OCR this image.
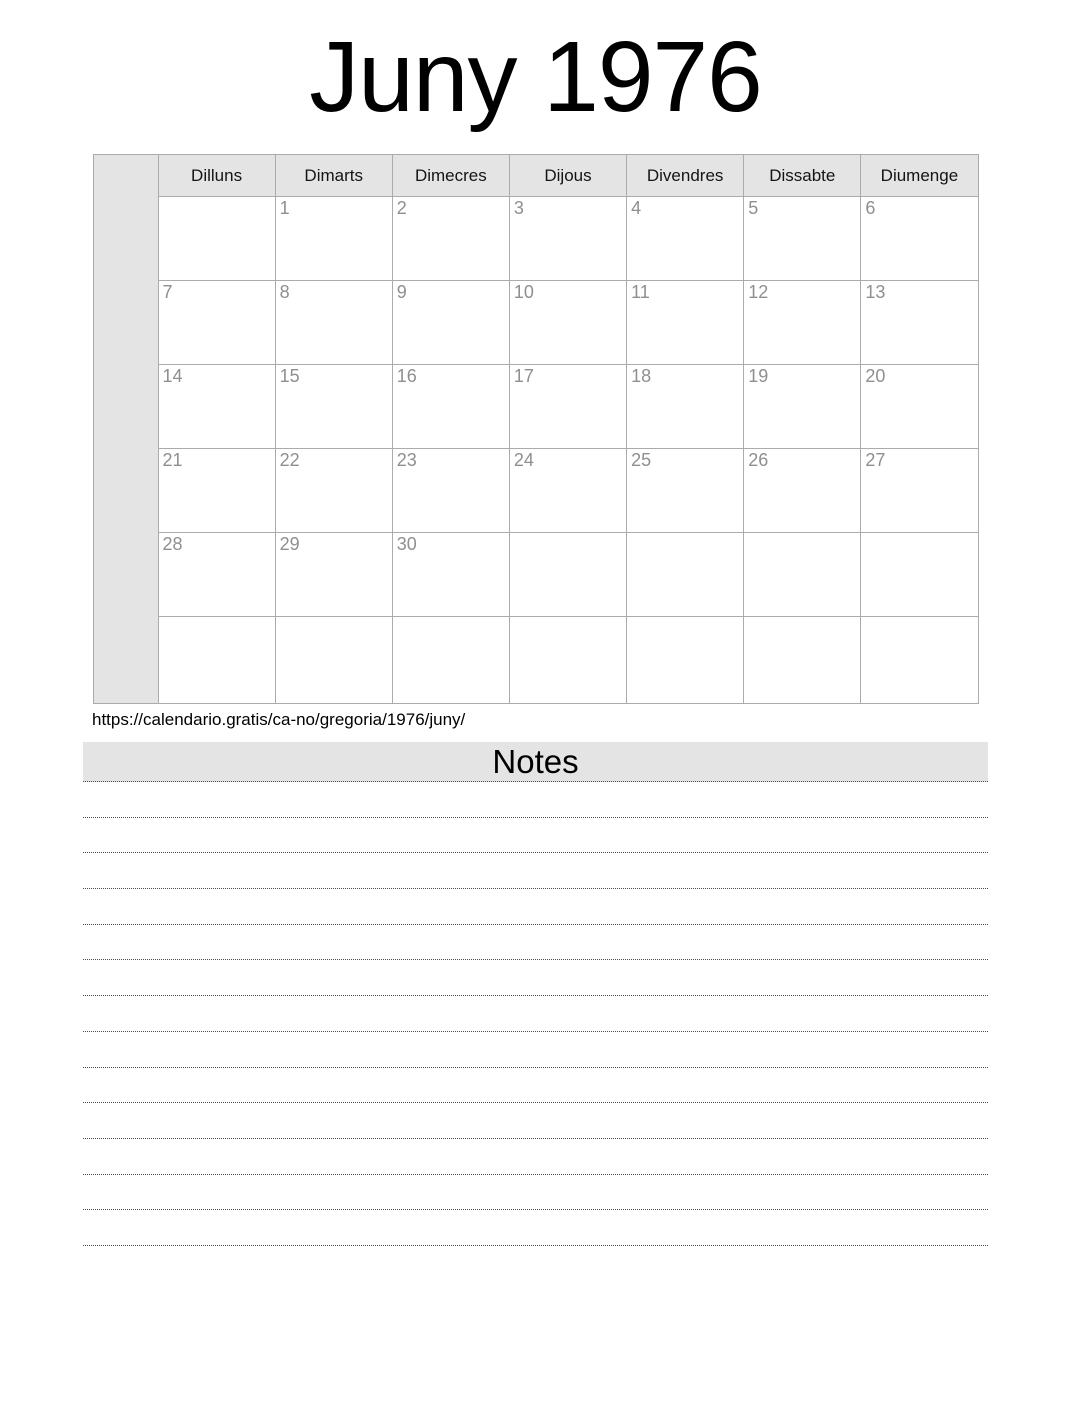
Juny 1976
	Dilluns	Dimarts	Dimecres	Dijous	Divendres	Dissabte	Diumenge
		1	2	3	4	5	6
	7	8	9	10	11	12	13
	14	15	16	17	18	19	20
	21	22	23	24	25	26	27
	28	29	30				

https://calendario.gratis/ca-no/gregoria/1976/juny/
Notes
